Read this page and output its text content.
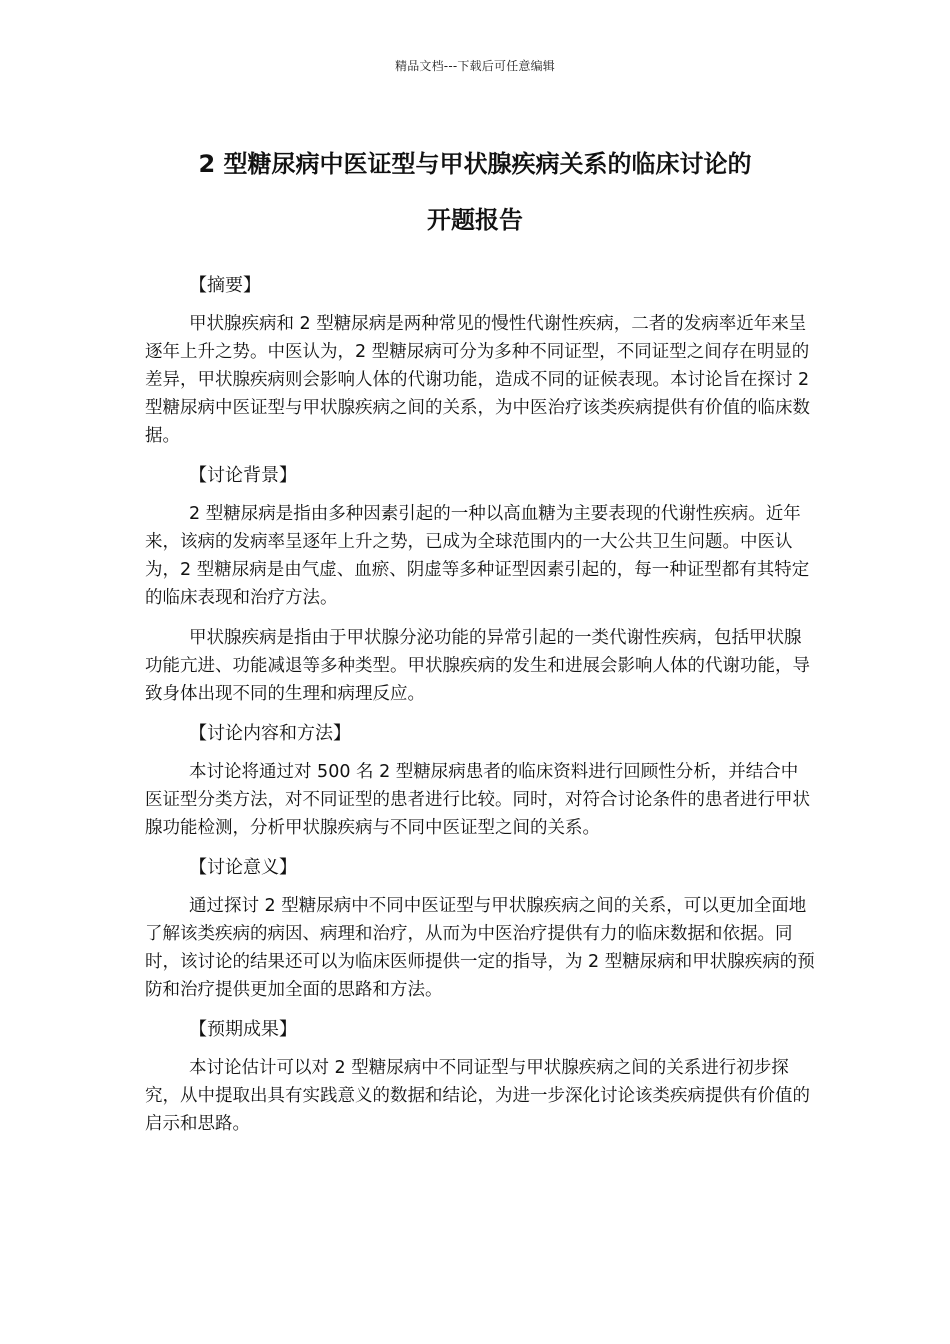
精品文档---下载后可任意编辑
2 型糖尿病中医证型与甲状腺疾病关系的临床讨论的
开题报告
【摘要】

甲状腺疾病和 2 型糖尿病是两种常见的慢性代谢性疾病，二者的发病率近年来呈逐年上升之势。中医认为，2 型糖尿病可分为多种不同证型，不同证型之间存在明显的差异，甲状腺疾病则会影响人体的代谢功能，造成不同的证候表现。本讨论旨在探讨 2 型糖尿病中医证型与甲状腺疾病之间的关系，为中医治疗该类疾病提供有价值的临床数据。

【讨论背景】

2 型糖尿病是指由多种因素引起的一种以高血糖为主要表现的代谢性疾病。近年来，该病的发病率呈逐年上升之势，已成为全球范围内的一大公共卫生问题。中医认为，2 型糖尿病是由气虚、血瘀、阴虚等多种证型因素引起的，每一种证型都有其特定的临床表现和治疗方法。

甲状腺疾病是指由于甲状腺分泌功能的异常引起的一类代谢性疾病，包括甲状腺功能亢进、功能减退等多种类型。甲状腺疾病的发生和进展会影响人体的代谢功能，导致身体出现不同的生理和病理反应。

【讨论内容和方法】

本讨论将通过对 500 名 2 型糖尿病患者的临床资料进行回顾性分析，并结合中医证型分类方法，对不同证型的患者进行比较。同时，对符合讨论条件的患者进行甲状腺功能检测，分析甲状腺疾病与不同中医证型之间的关系。

【讨论意义】

通过探讨 2 型糖尿病中不同中医证型与甲状腺疾病之间的关系，可以更加全面地了解该类疾病的病因、病理和治疗，从而为中医治疗提供有力的临床数据和依据。同时，该讨论的结果还可以为临床医师提供一定的指导，为 2 型糖尿病和甲状腺疾病的预防和治疗提供更加全面的思路和方法。

【预期成果】

本讨论估计可以对 2 型糖尿病中不同证型与甲状腺疾病之间的关系进行初步探究，从中提取出具有实践意义的数据和结论，为进一步深化讨论该类疾病提供有价值的启示和思路。
